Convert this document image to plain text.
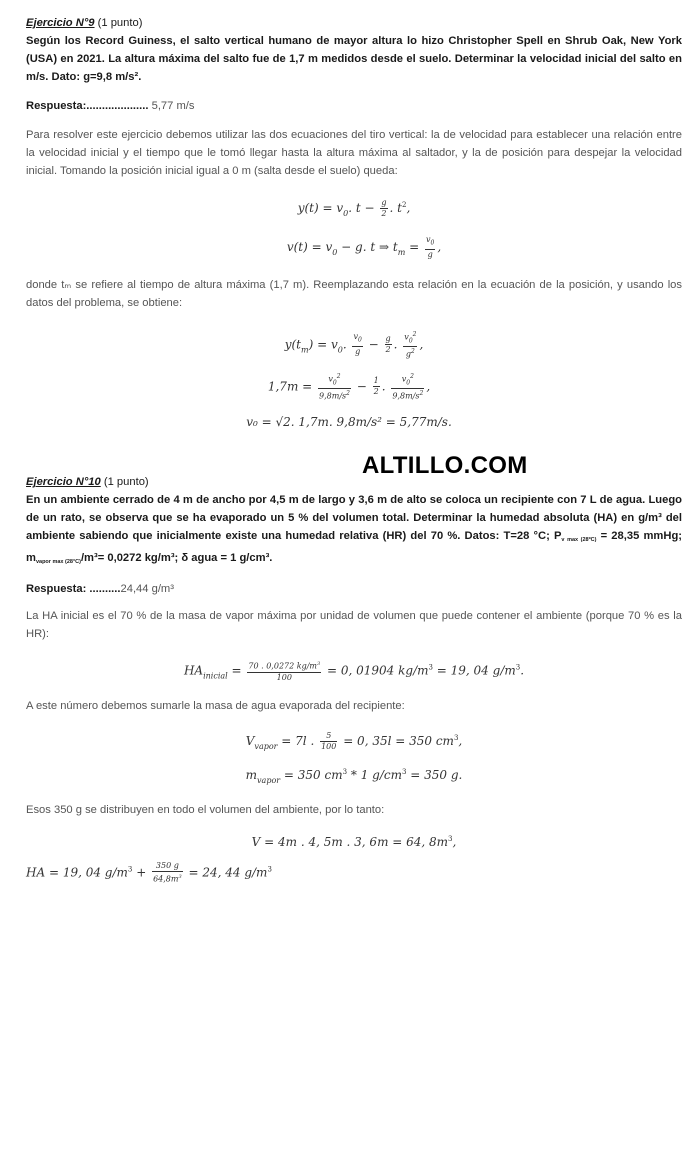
Ejercicio N°9 (1 punto)

Según los Record Guiness, el salto vertical humano de mayor altura lo hizo Christopher Spell en Shrub Oak, New York (USA) en 2021. La altura máxima del salto fue de 1,7 m medidos desde el suelo. Determinar la velocidad inicial del salto en m/s. Dato: g=9,8 m/s².

Respuesta:.................... 5,77 m/s

Para resolver este ejercicio debemos utilizar las dos ecuaciones del tiro vertical: la de velocidad para establecer una relación entre la velocidad inicial y el tiempo que le tomó llegar hasta la altura máxima al saltador, y la de posición para despejar la velocidad inicial. Tomando la posición inicial igual a 0 m (salta desde el suelo) queda:

$y(t) = v_0$. $t - \frac{g}{2}$ . $t^2$,
$v(t) = v_0 - g$. t ⇒ $t_m = \frac{v_0}{g}$ ,

donde tₘ se refiere al tiempo de altura máxima (1,7 m). Reemplazando esta relación en la ecuación de la posición, y usando los datos del problema, se obtiene:

$y(t_m) = v_0$. $\frac{v_0}{g} - \frac{g}{2}$ . $\frac{v_0^2}{g^2}$ ,
$1,7m = \frac{v_0^2}{9,8m/s^2} - \frac{1}{2}$ . $\frac{v_0^2}{9,8m/s^2}$ ,
v₀ = √2. 1,7m. 9,8m/s² = 5,77m/s.

Ejercicio N°10 (1 punto)

En un ambiente cerrado de 4 m de ancho por 4,5 m de largo y 3,6 m de alto se coloca un recipiente con 7 L de agua. Luego de un rato, se observa que se ha evaporado un 5 % del volumen total. Determinar la humedad absoluta (HA) en g/m³ del ambiente sabiendo que inicialmente existe una humedad relativa (HR) del 70 %. Datos: T=28 °C; Pv max (28ºC) = 28,35 mmHg; mvapor max (28°C)/m³= 0,0272 kg/m³; δ agua = 1 g/cm³.

Respuesta: ..........24,44 g/m³

La HA inicial es el 70 % de la masa de vapor máxima por unidad de volumen que puede contener el ambiente (porque 70 % es la HR):

$HA_{inicial} = \frac{70 . 0,0272 kg/m^3}{100} = 0$, 01904 $kg/m^3 = 19$, 04 $g/m^3$.

A este número debemos sumarle la masa de agua evaporada del recipiente:

$V_{vapor} = 7l$ . $\frac{5}{100} = 0$, 35l = 350 $cm^3$,
$m_{vapor} = 350$ $cm^3 * 1$ $g/cm^3 = 350$ g.

Esos 350 g se distribuyen en todo el volumen del ambiente, por lo tanto:

V = 4m . 4, 5m . 3, 6m = 64, $8m^3$,
HA = 19, 04 $g/m^3 + \frac{350 g}{64,8m^3} = 24$, 44 $g/m^3$
ALTILLO.COM
